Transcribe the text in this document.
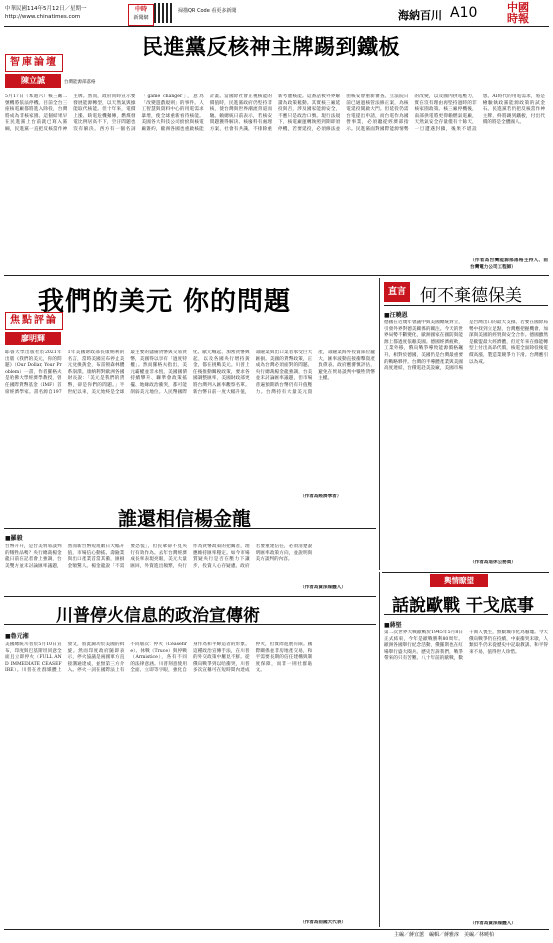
中華民國114年5月12日／星期一
http://www.chinatimes.com
中時
新聞網
掃描QR Code 看更多新聞	海納百川 A10	中國
時報
民進黨反核神主牌踢到鐵板
智庫論壇
陳立誠	台灣能源部落格
5月17日（本週六）核三廠二號機將依法停機。目前全台三座核電廠都將進入除役，台灣將成為非核家園。這個結果早在民進黨上台前就已寫入黨綱，民進黨一直把反核當作神主牌。然而，政府同時宣示要發展能源轉型，以天然氣與綠能取代核能。但十年來，電價上漲、缺電危機頻傳，燃煤發電比例居高不下，空汙問題也沒有解決。西方有一個名詞「game changer」，意為「改變遊戲規則」的事件。人工智慧與資料中心的用電需求暴增，使全球重新看待核能。美國各大科技公司紛紛與核電廠簽約，歐洲各國也重啟核能計畫。當國際社會正視核能的價值時，民進黨政府仍堅持非核，使台灣與世界潮流背道而馳。賴總統日前表示，若核安問題獲得解決、核廢料有處理方案、社會有共識，不排除重新考慮核能。這番話被外界解讀為政策鬆動。其實核三廠延役與否，涉及國家能源安全，不應只是政治口號。現行法規下，核電廠運轉執照到期即須停機，若要延役，必須修法並由核安會重新審查。立法院日前已通過核管法修正案，為核電延役開啟大門。但延役仍需台電提出申請，而台電作為國營事業，必須聽從經濟部指示。民進黨面對國際能源情勢的改變，以及國內供電壓力，實在沒有理由再堅持過時的非核家園政策。核三廠停機後，南部供電將更仰賴燃氣電廠，天然氣安全存量僅有十餘天，一旦遭遇封鎖，後果不堪設想。AI時代的用電需求，將是檢驗執政黨能源政策的試金石。民進黨若仍把反核當作神主牌，終將踢到鐵板，付出代價的將是全體國人。
（作者為台灣能源部落格主持人、前台灣電力公司工程師）
我們的美元 你的問題
焦點評論
廖明輝
耶魯大學出版社於2021年出版《我們的美元，你的問題》（Our Dollar, Your Problem）一書，作者羅格夫是哈佛大學經濟學教授，曾任國際貨幣基金（IMF）首席經濟學家。書名源自1971年美國財政部長康納利的名言，當時美國宣布停止美元兌換黃金，布雷頓森林體系崩潰。康納利對歐洲各國財長說：「美元是我們的貨幣，卻是你們的問題。」半世紀以來，美元始終是全球最主要的儲備貨幣與交易貨幣，美國得以享有「過度特權」。然而羅格夫指出，美元霸權並非永恆，美國國債持續攀升、聯準會政策搖擺、地緣政治衝突，都可能削弱美元地位。人民幣國際化、歐元崛起、加密貨幣興起，以及各國央行增持黃金，都在挑戰美元。川普上任後推動關稅政策，要求各國調整匯率，美國財政部更將台灣列入匯率觀察名單。新台幣日前一度大幅升值，壽險業與出口業者承受巨大匯損。美國的貨幣政策，正成為台灣必須面對的問題。央行總裁楊金龍強調，台美並未討論匯率議題，但市場普遍預期新台幣仍有升值壓力。台灣持有大量美元資產，壽險業海外投資部位龐大，匯率波動直接衝擊資產負債表。政府應審慎評估，避免在貿易談判中犧牲貨幣主權。
（作者為經濟學者）
直言 何不棄德保美
■汪曉恩
德國在近幾年會議中與美國總統對立，引發外界對德美關係的關注。今天的世界局勢不斷變化，歐洲國家在國防與能源上都過度依賴美國。德國經濟疲軟，工業外移，俄烏戰爭導致能源價格飆升。相對於德國，美國仍是台灣最重要的戰略夥伴。台灣的半導體產業與美國高度連結，台積電赴美設廠，美國市場是台灣出口的最大支撐。若要在國際局勢中找到立足點，台灣應把握機會，加深與美國的經貿與安全合作。德國雖然是歐盟最大經濟體，但近年來在綠能轉型上付出高昂代價，核電全面除役後電價高漲，製造業競爭力下滑。台灣應引以為戒。
（作者為退休公務員）
誰還相信楊金龍
■羅毅
台幣升升，是台美貿易談判的犧牲品嗎？央行總裁楊金龍日前在記者會上強調，台美雙方並未討論匯率議題，然而新台幣短短數日大幅升值，市場信心動搖。壽險業與出口產業首當其衝，匯損金額驚人。楊金龍說「不需要恐慌」，但民眾卻不見央行有效作為。去年台灣經濟成長率表現亮眼，美元大量匯回，外資進出頻繁，央行作為貨幣政策的把關者，理應維持匯率穩定。如今市場質疑央行是否在壓力下讓步，投資人心存疑慮。政府若要重建信任，必須清楚說明匯率政策方向，並說明與美方談判的內容。
（作者為資深媒體人）
輿情瞭望
話說歐戰 干戈底事
■蔣堅
第二次世界大戰歐戰於1945年5月8日正式結束，今年是歐戰勝利80周年。歐洲各國舉行紀念活動，俄羅斯也在紅場舉行盛大閱兵。歷史告訴我們，戰爭帶來的只有苦難。八十年前的歐戰，數千萬人喪生，無數城市化為廢墟。今天俄烏戰爭仍在持續，中東衝突未歇，人類似乎仍未從歷史中記取教訓。和平得來不易，值得世人珍惜。
（作者為資深媒體人）
川普停火信息的政治宣傳術
■魯元湘
美國總統川普於5月10日宣布，印度與巴基斯坦同意全面且立即停火（FULL AND IMMEDIATE CEASEFIRE）。川普在社群媒體上發文，將此歸功於美國的斡旋。然而印度政府隨即表示，停火協議是兩國軍方直接溝通達成，並無第三方介入。停火一詞在國際法上有不同層次：停火（Ceasefire）、休戰（Truce）與停戰（Armistice），各有不同的法律意涵。川普刻意使用全面、立即等字眼，強化自身作為和平締造者的形象。這種政治宣傳手法，在川普的外交政策中屢見不鮮。從俄烏戰爭到以哈衝突，川普多次宣稱可在短時間內達成停火，但實際進展有限。國際關係並非房地產交易，和平需要長期的信任建構與制度保障，而非一則社群貼文。
（作者為前國大代表）
主編／蔣宜蕙　編輯／蔣雅淳　美編／林曉柏
